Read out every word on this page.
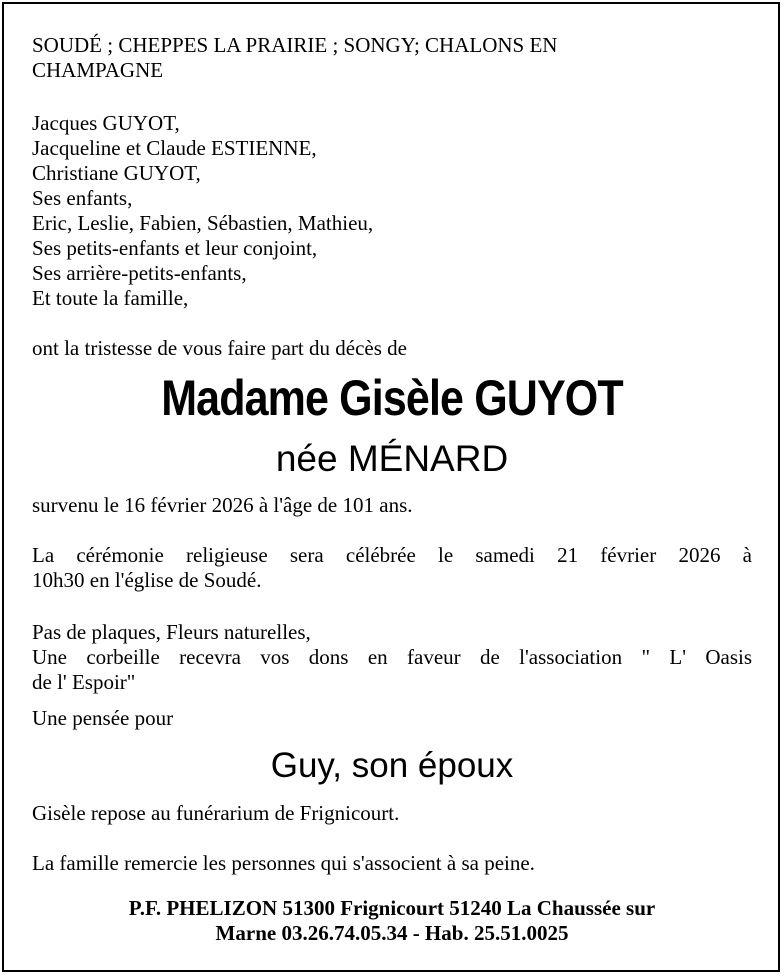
SOUDÉ ; CHEPPES LA PRAIRIE ; SONGY; CHALONS EN
CHAMPAGNE
Jacques GUYOT,
Jacqueline et Claude ESTIENNE,
Christiane GUYOT,
Ses enfants,
Eric, Leslie, Fabien, Sébastien, Mathieu,
Ses petits-enfants et leur conjoint,
Ses arrière-petits-enfants,
Et toute la famille,
ont la tristesse de vous faire part du décès de
Madame Gisèle GUYOT
née MÉNARD
survenu le 16 février 2026 à l'âge de 101 ans.
La cérémonie religieuse sera célébrée le samedi 21 février 2026 à
10h30 en l'église de Soudé.
Pas de plaques, Fleurs naturelles,
Une corbeille recevra vos dons en faveur de l'association " L' Oasis
de l' Espoir"
Une pensée pour
Guy, son époux
Gisèle repose au funérarium de Frignicourt.
La famille remercie les personnes qui s'associent à sa peine.
P.F. PHELIZON 51300 Frignicourt 51240 La Chaussée sur
Marne 03.26.74.05.34 - Hab. 25.51.0025
